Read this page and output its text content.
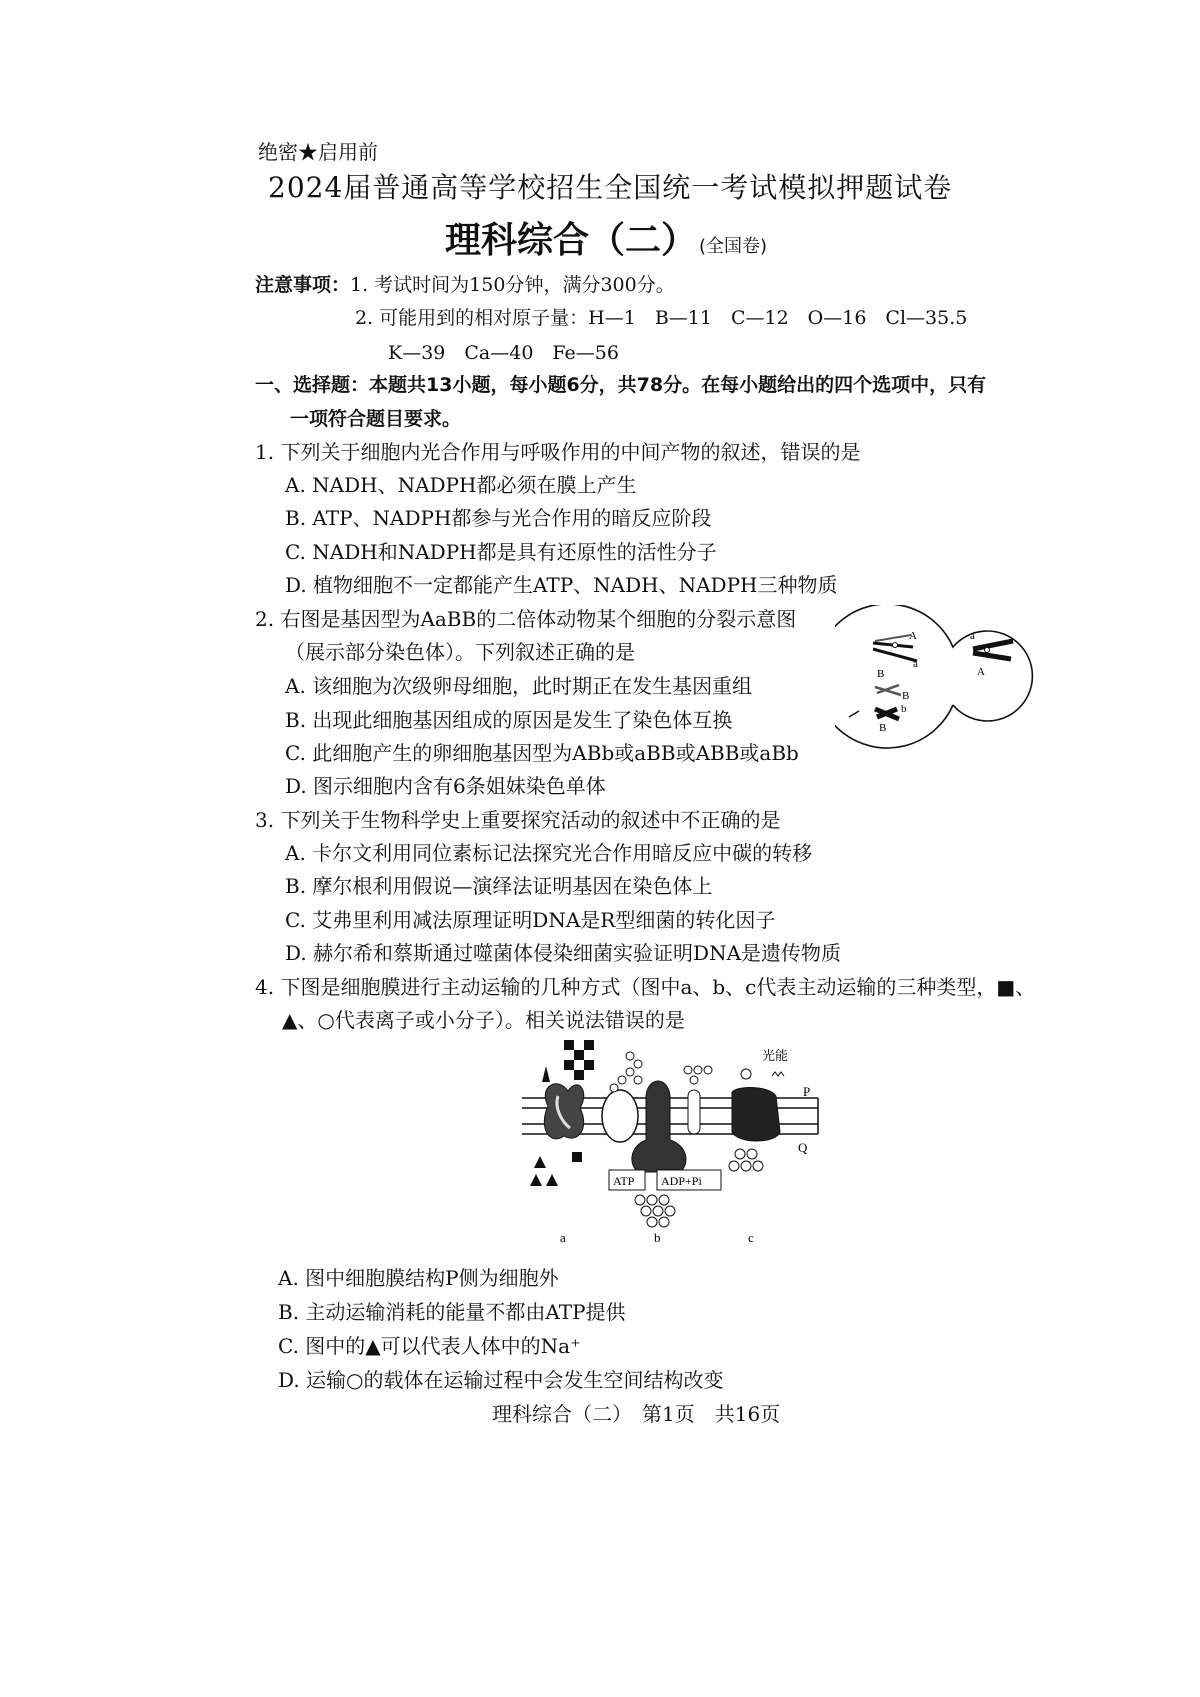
绝密★启用前
2024届普通高等学校招生全国统一考试模拟押题试卷
理科综合（二） (全国卷)
注意事项：1. 考试时间为150分钟，满分300分。
2. 可能用到的相对原子量：H—1　B—11　C—12　O—16　Cl—35.5
K—39　Ca—40　Fe—56
一、选择题：本题共13小题，每小题6分，共78分。在每小题给出的四个选项中，只有
一项符合题目要求。
1. 下列关于细胞内光合作用与呼吸作用的中间产物的叙述，错误的是
A. NADH、NADPH都必须在膜上产生
B. ATP、NADPH都参与光合作用的暗反应阶段
C. NADH和NADPH都是具有还原性的活性分子
D. 植物细胞不一定都能产生ATP、NADH、NADPH三种物质
2. 右图是基因型为AaBB的二倍体动物某个细胞的分裂示意图
（展示部分染色体）。下列叙述正确的是
A. 该细胞为次级卵母细胞，此时期正在发生基因重组
B. 出现此细胞基因组成的原因是发生了染色体互换
C. 此细胞产生的卵细胞基因型为ABb或aBB或ABB或aBb
D. 图示细胞内含有6条姐妹染色单体
A
a
a
A
B
B
b
B
3. 下列关于生物科学史上重要探究活动的叙述中不正确的是
A. 卡尔文利用同位素标记法探究光合作用暗反应中碳的转移
B. 摩尔根利用假说—演绎法证明基因在染色体上
C. 艾弗里利用减法原理证明DNA是R型细菌的转化因子
D. 赫尔希和蔡斯通过噬菌体侵染细菌实验证明DNA是遗传物质
4. 下图是细胞膜进行主动运输的几种方式（图中a、b、c代表主动运输的三种类型，■、
▲、○代表离子或小分子）。相关说法错误的是
ATP ADP+Pi
光能
P
Q
a	b	c
A. 图中细胞膜结构P侧为细胞外
B. 主动运输消耗的能量不都由ATP提供
C. 图中的▲可以代表人体中的Na⁺
D. 运输○的载体在运输过程中会发生空间结构改变
理科综合（二）　第1页　共16页
